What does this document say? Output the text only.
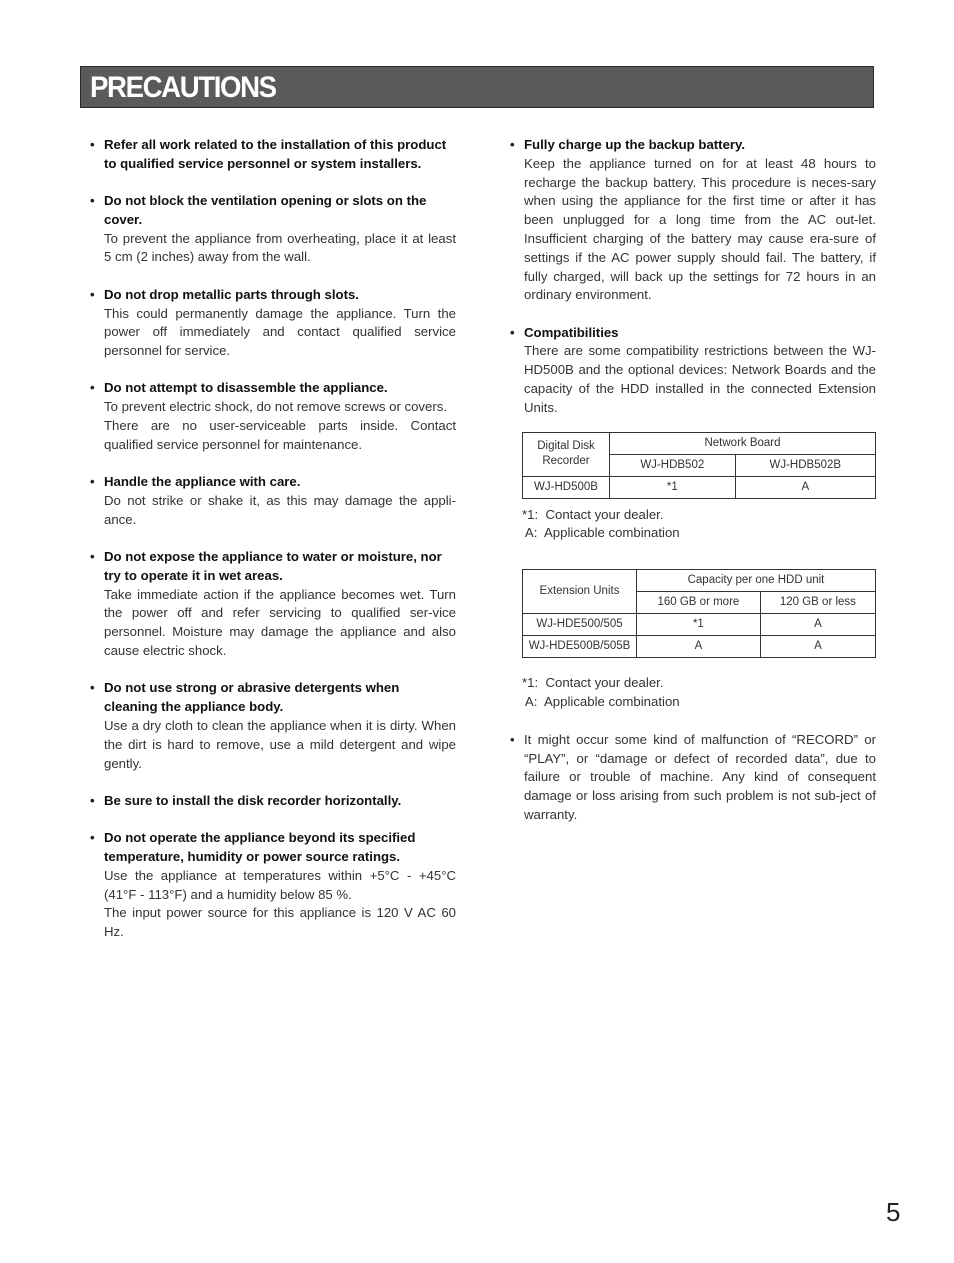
PRECAUTIONS
• Refer all work related to the installation of this product to qualified service personnel or system installers.
• Do not block the ventilation opening or slots on the cover.

To prevent the appliance from overheating, place it at least 5 cm (2 inches) away from the wall.

• Do not drop metallic parts through slots.

This could permanently damage the appliance. Turn the power off immediately and contact qualified service personnel for service.

• Do not attempt to disassemble the appliance.

To prevent electric shock, do not remove screws or covers.

There are no user-serviceable parts inside. Contact qualified service personnel for maintenance.

• Handle the appliance with care.

Do not strike or shake it, as this may damage the appli-ance.

• Do not expose the appliance to water or moisture, nor try to operate it in wet areas.

Take immediate action if the appliance becomes wet. Turn the power off and refer servicing to qualified ser-vice personnel. Moisture may damage the appliance and also cause electric shock.

• Do not use strong or abrasive detergents when cleaning the appliance body.

Use a dry cloth to clean the appliance when it is dirty. When the dirt is hard to remove, use a mild detergent and wipe gently.

• Be sure to install the disk recorder horizontally.
• Do not operate the appliance beyond its specified temperature, humidity or power source ratings.

Use the appliance at temperatures within +5°C - +45°C (41°F - 113°F) and a humidity below 85 %.

The input power source for this appliance is 120 V AC 60 Hz.

• Fully charge up the backup battery.
Keep the appliance turned on for at least 48 hours to recharge the backup battery. This procedure is neces-sary when using the appliance for the first time or after it has been unplugged for a long time from the AC out-let. Insufficient charging of the battery may cause era-sure of settings if the AC power supply should fail. The battery, if fully charged, will back up the settings for 72 hours in an ordinary environment.
• Compatibilities
There are some compatibility restrictions between the WJ-HD500B and the optional devices: Network Boards and the capacity of the HDD installed in the connected Extension Units.
Digital Disk Recorder	Network Board	
	WJ-HDB502	WJ-HDB502B
WJ-HD500B	*1	A
*1:  Contact your dealer.
A:  Applicable combination
Extension Units	Capacity per one HDD unit	
	160 GB or more	120 GB or less
WJ-HDE500/505	*1	A
WJ-HDE500B/505B	A	A
*1:  Contact your dealer.
A:  Applicable combination
• It might occur some kind of malfunction of “RECORD” or “PLAY”, or “damage or defect of recorded data”, due to failure or trouble of machine. Any kind of consequent damage or loss arising from such problem is not sub-ject of warranty.
5
